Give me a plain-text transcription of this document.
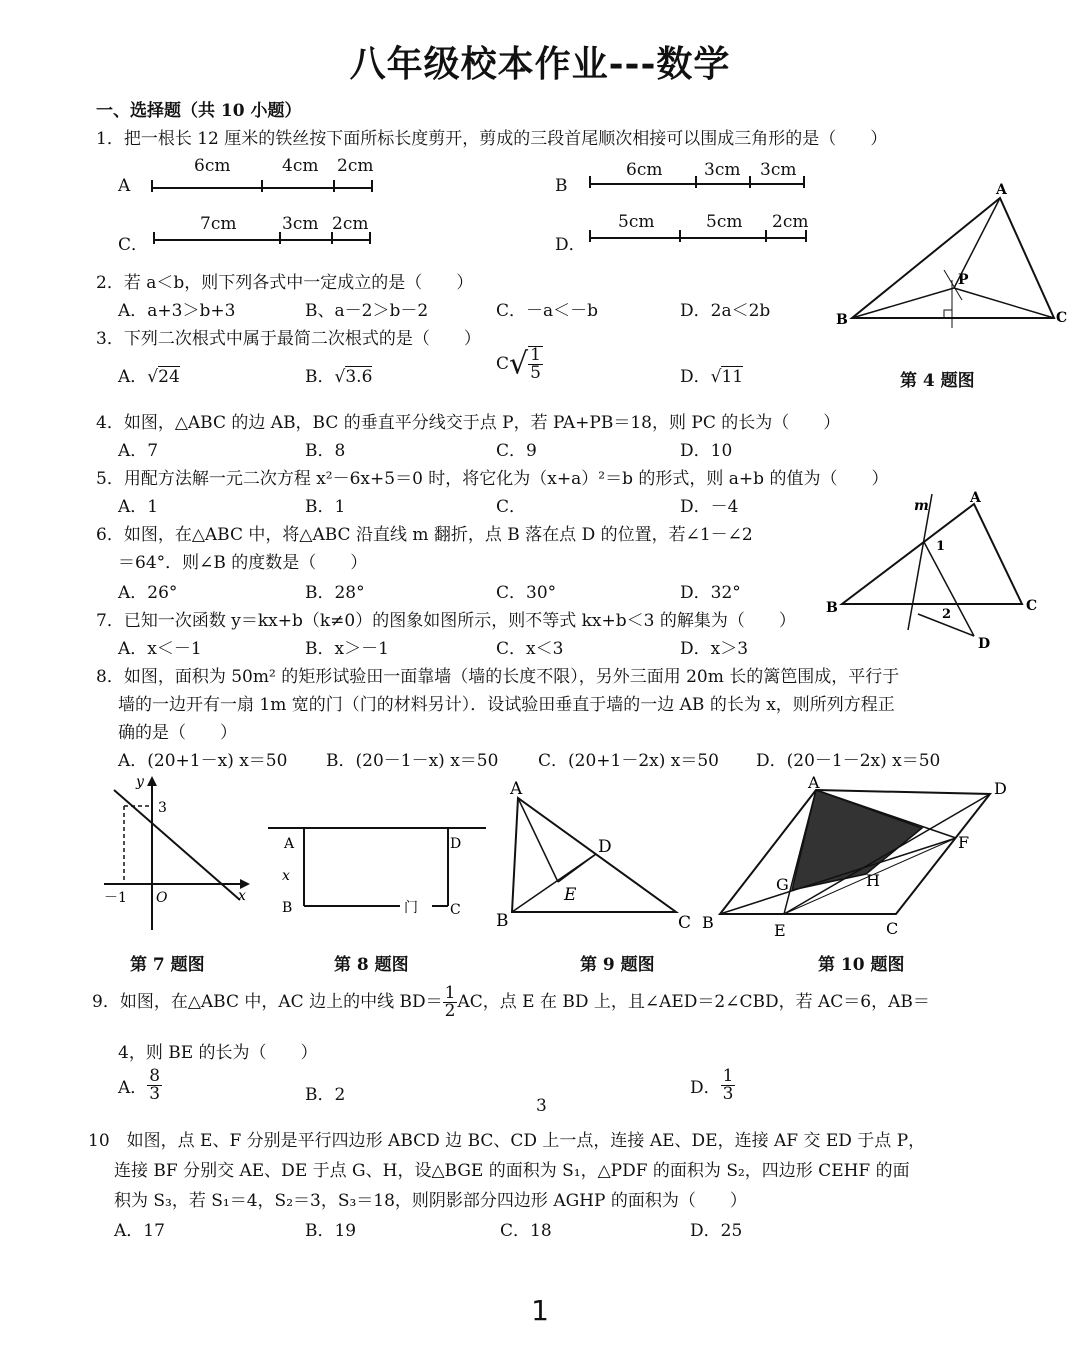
八年级校本作业---数学
一、选择题（共 10 小题）
1．把一根长 12 厘米的铁丝按下面所标长度剪开，剪成的三段首尾顺次相接可以围成三角形的是（　　）
A
6cm	4cm 2cm
B
6cm 3cm 3cm
C．
7cm	3cm 2cm
D．
5cm	5cm 2cm
A
B	C
P
第 4 题图
2．若 a＜b，则下列各式中一定成立的是（　　）
A．a+3＞b+3	B、a－2＞b－2	C．－a＜－b	D．2a＜2b
3．下列二次根式中属于最简二次根式的是（　　）
A．√24	B．√3.6
$C√ \frac{1}{5}$	D．√11
4．如图，△ABC 的边 AB，BC 的垂直平分线交于点 P，若 PA+PB＝18，则 PC 的长为（　　）
A．7	B．8	C．9	D．10
5．用配方法解一元二次方程 x²－6x+5＝0 时，将它化为（x+a）²＝b 的形式，则 a+b 的值为（　　）
A．1	B．1	C．	D．－4
6．如图，在△ABC 中，将△ABC 沿直线 m 翻折，点 B 落在点 D 的位置，若∠1－∠2
＝64°．则∠B 的度数是（　　）
A．26°	B．28°	C．30°	D．32°
m	A
B	C
D
1
2
7．已知一次函数 y＝kx+b（k≠0）的图象如图所示，则不等式 kx+b＜3 的解集为（　　）
A．x＜－1	B．x＞－1	C．x＜3	D．x＞3
8．如图，面积为 50m² 的矩形试验田一面靠墙（墙的长度不限），另外三面用 20m 长的篱笆围成，平行于
墙的一边开有一扇 1m 宽的门（门的材料另计）．设试验田垂直于墙的一边 AB 的长为 x，则所列方程正
确的是（　　）
A．(20+1－x) x＝50 B．(20－1－x) x＝50 C．(20+1－2x) x＝50 D．(20－1－2x) x＝50
y
x
O
3
－1
第 7 题图
A
B
D
C
x
门
第 8 题图
A
B	C
D
E
第 9 题图
A	D
B	C
E
F
G	H
第 10 题图
9．如图，在△ABC 中，AC 边上的中线 $BD= \frac{1}{2}$ AC，点 E 在 BD 上，且∠AED＝2∠CBD，若 AC＝6，AB＝
4，则 BE 的长为（　　）
A． $\frac{8}{3}$	B．2
3
D． $\frac{1}{3}$
10　如图，点 E、F 分别是平行四边形 ABCD 边 BC、CD 上一点，连接 AE、DE，连接 AF 交 ED 于点 P，
连接 BF 分别交 AE、DE 于点 G、H，设△BGE 的面积为 S₁，△PDF 的面积为 S₂，四边形 CEHF 的面
积为 S₃，若 S₁＝4，S₂＝3，S₃＝18，则阴影部分四边形 AGHP 的面积为（　　）
A．17	B．19	C．18	D．25
1
